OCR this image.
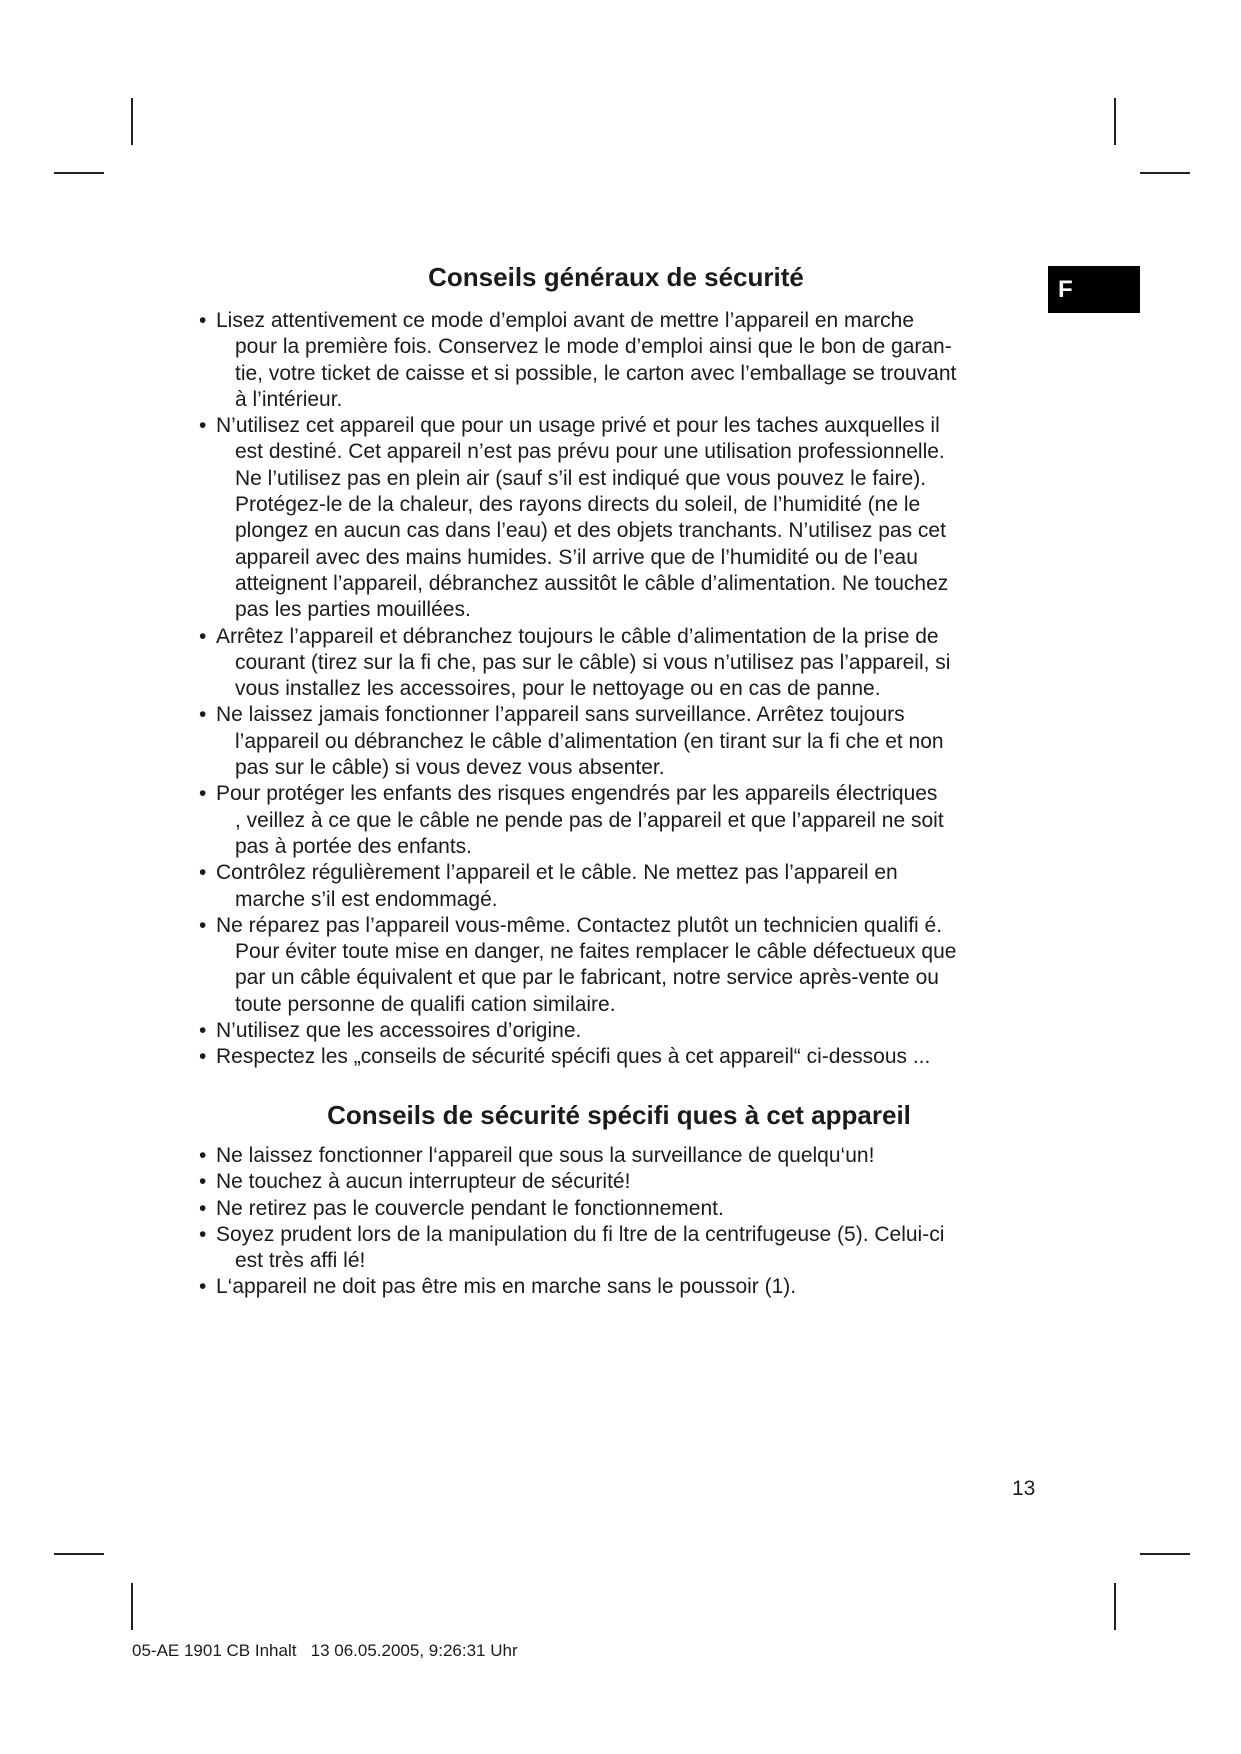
F
Conseils généraux de sécurité
• Lisez attentivement ce mode d’emploi avant de mettre l’appareil en marche
pour la première fois. Conservez le mode d’emploi ainsi que le bon de garan-
tie, votre ticket de caisse et si possible, le carton avec l’emballage se trouvant
à l’intérieur.
• N’utilisez cet appareil que pour un usage privé et pour les taches auxquelles il
est destiné. Cet appareil n’est pas prévu pour une utilisation professionnelle.
Ne l’utilisez pas en plein air (sauf s’il est indiqué que vous pouvez le faire).
Protégez-le de la chaleur, des rayons directs du soleil, de l’humidité (ne le
plongez en aucun cas dans l’eau) et des objets tranchants. N’utilisez pas cet
appareil avec des mains humides. S’il arrive que de l’humidité ou de l’eau
atteignent l’appareil, débranchez aussitôt le câble d’alimentation. Ne touchez
pas les parties mouillées.
• Arrêtez l’appareil et débranchez toujours le câble d’alimentation de la prise de
courant (tirez sur la fi che, pas sur le câble) si vous n’utilisez pas l’appareil, si
vous installez les accessoires, pour le nettoyage ou en cas de panne.
• Ne laissez jamais fonctionner l’appareil sans surveillance. Arrêtez toujours
l’appareil ou débranchez le câble d’alimentation (en tirant sur la fi che et non
pas sur le câble) si vous devez vous absenter.
• Pour protéger les enfants des risques engendrés par les appareils électriques
, veillez à ce que le câble ne pende pas de l’appareil et que l’appareil ne soit
pas à portée des enfants.
• Contrôlez régulièrement l’appareil et le câble. Ne mettez pas l’appareil en
marche s’il est endommagé.
• Ne réparez pas l’appareil vous-même. Contactez plutôt un technicien qualifi é.
Pour éviter toute mise en danger, ne faites remplacer le câble défectueux que
par un câble équivalent et que par le fabricant, notre service après-vente ou
toute personne de qualifi cation similaire.
• N’utilisez que les accessoires d’origine.
• Respectez les „conseils de sécurité spécifi ques à cet appareil“ ci-dessous ...
Conseils de sécurité spécifi ques à cet appareil
• Ne laissez fonctionner l‘appareil que sous la surveillance de quelqu‘un!
• Ne touchez à aucun interrupteur de sécurité!
• Ne retirez pas le couvercle pendant le fonctionnement.
• Soyez prudent lors de la manipulation du fi ltre de la centrifugeuse (5). Celui-ci
est très affi lé!
• L‘appareil ne doit pas être mis en marche sans le poussoir (1).
13
05-AE 1901 CB Inhalt   13 06.05.2005, 9:26:31 Uhr
